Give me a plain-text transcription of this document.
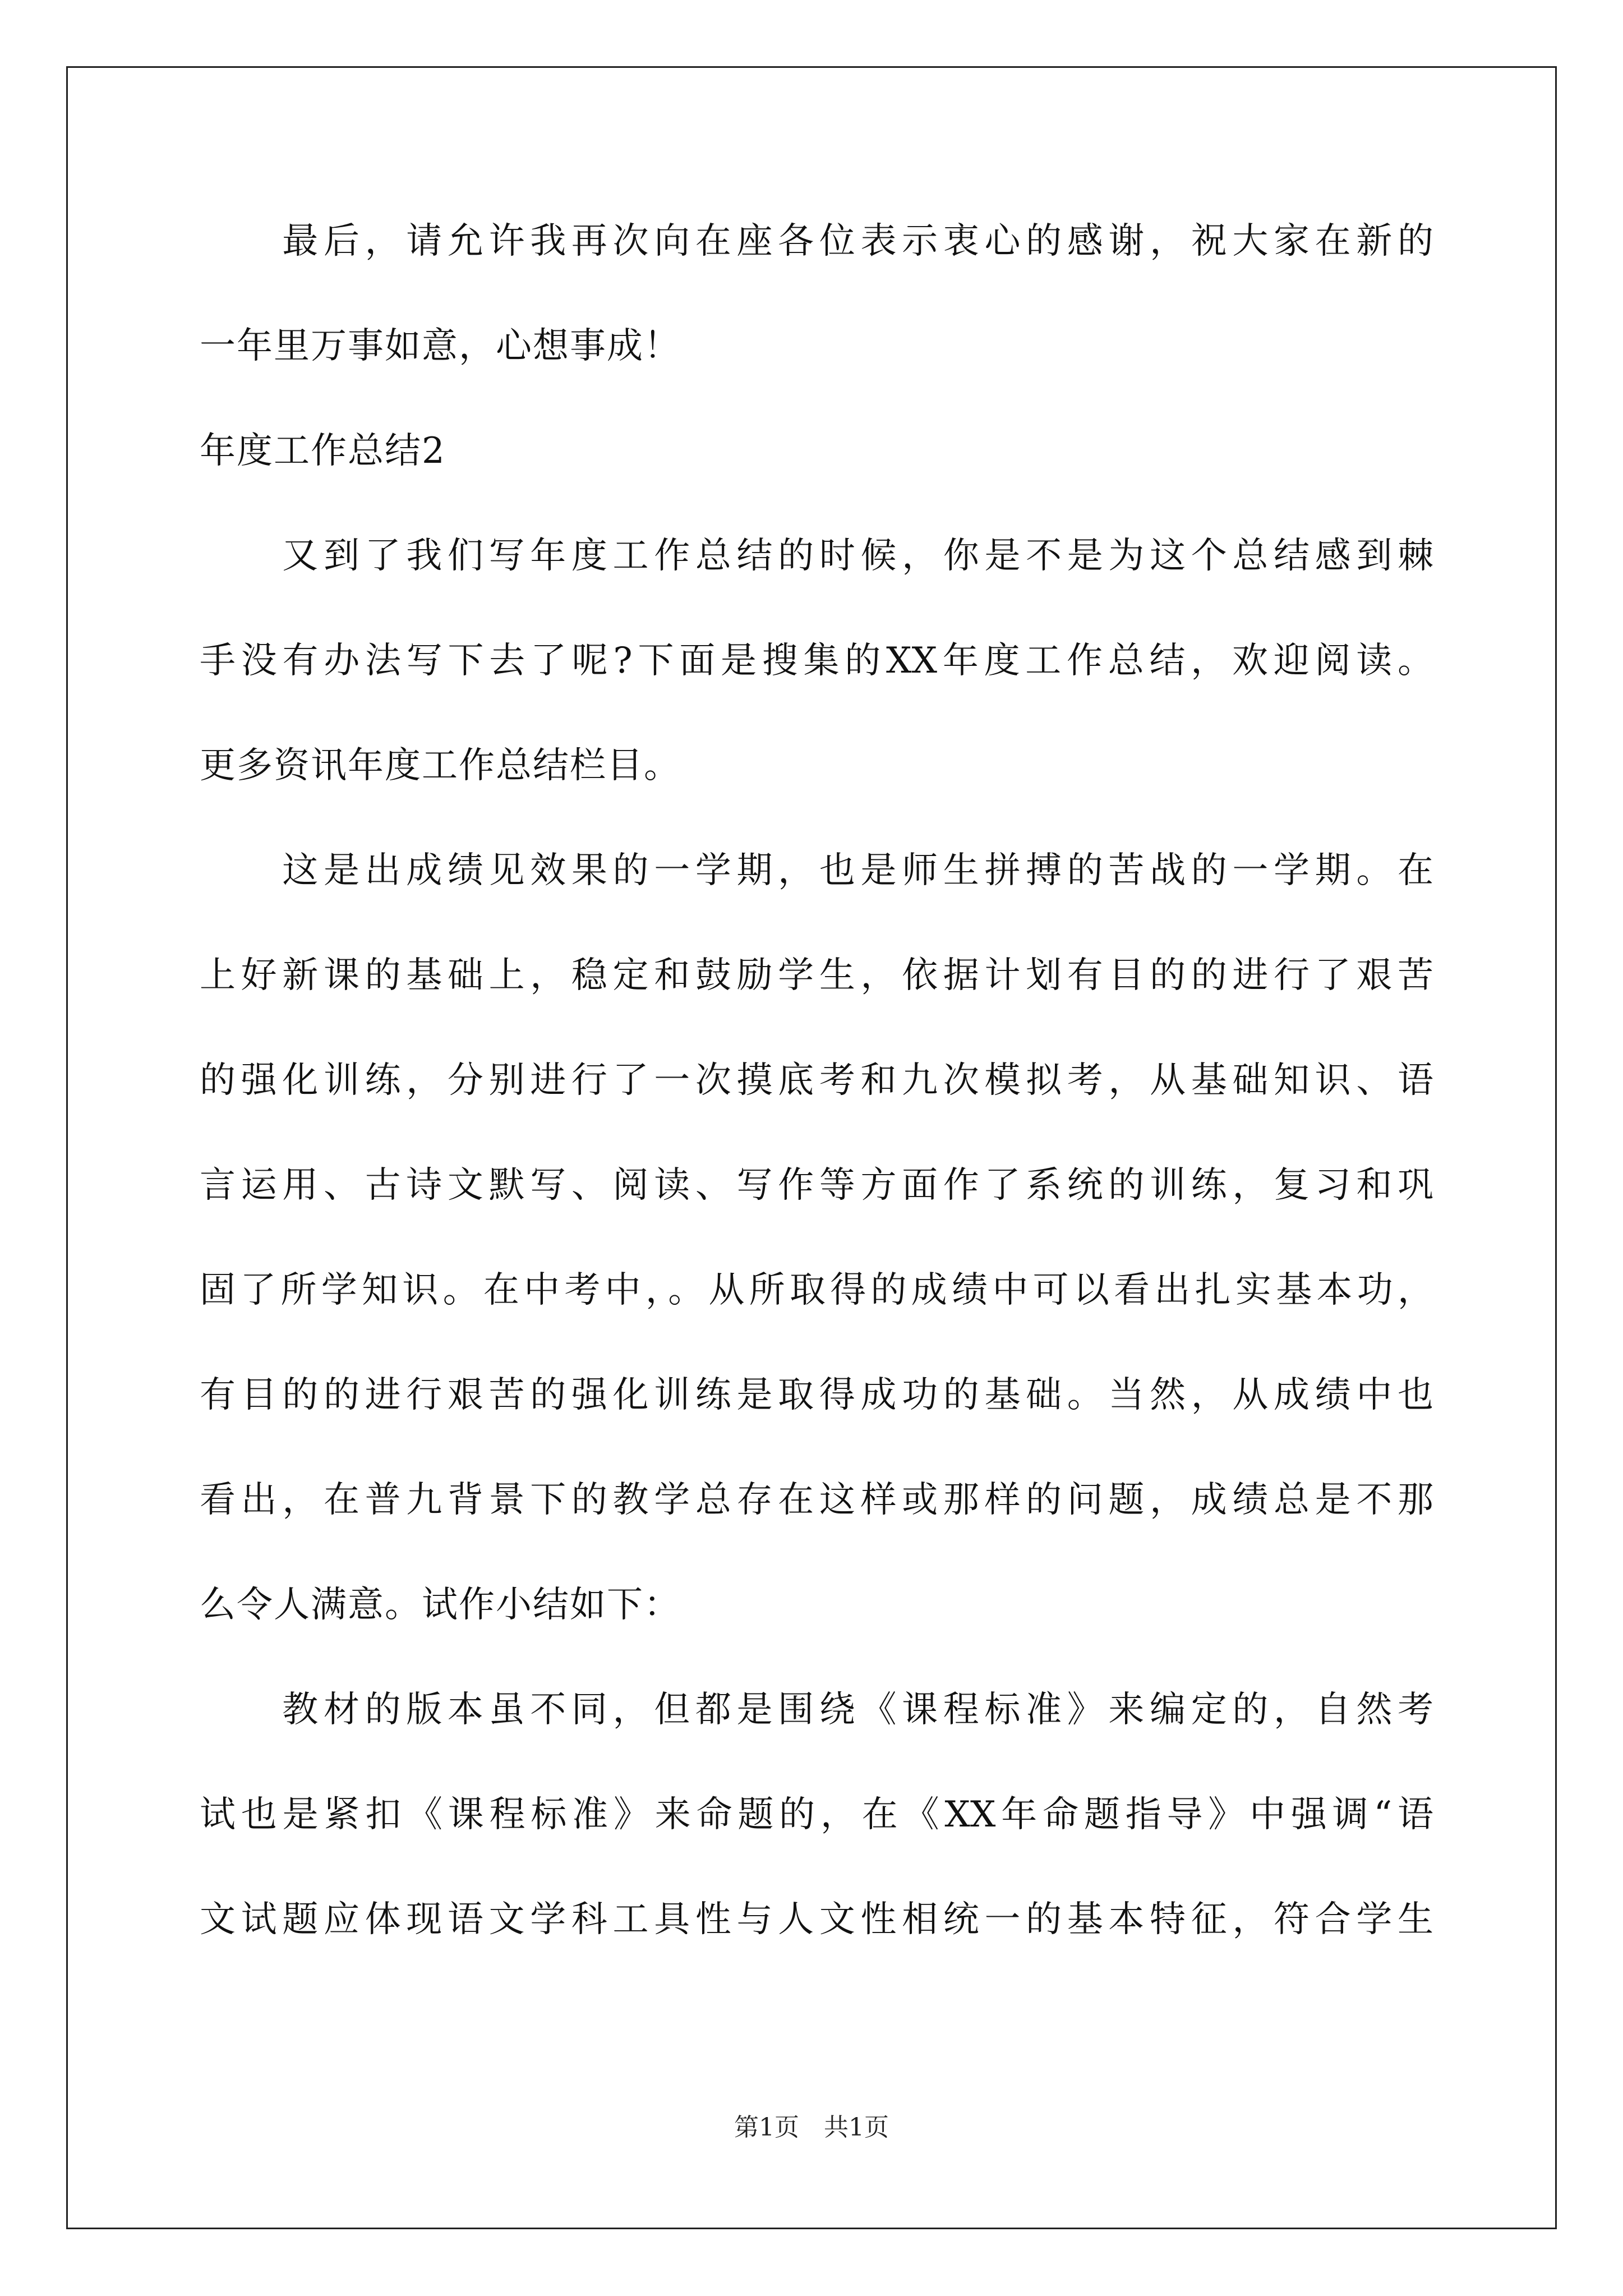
　　最后，请允许我再次向在座各位表示衷心的感谢，祝大家在新的
一年里万事如意，心想事成！
年度工作总结2
　　又到了我们写年度工作总结的时候，你是不是为这个总结感到棘
手没有办法写下去了呢?下面是搜集的XX年度工作总结，欢迎阅读。
更多资讯年度工作总结栏目。
　　这是出成绩见效果的一学期，也是师生拼搏的苦战的一学期。在
上好新课的基础上，稳定和鼓励学生，依据计划有目的的进行了艰苦
的强化训练，分别进行了一次摸底考和九次模拟考，从基础知识、语
言运用、古诗文默写、阅读、写作等方面作了系统的训练，复习和巩
固了所学知识。在中考中，。从所取得的成绩中可以看出扎实基本功，
有目的的进行艰苦的强化训练是取得成功的基础。当然，从成绩中也
看出，在普九背景下的教学总存在这样或那样的问题，成绩总是不那
么令人满意。试作小结如下：
　　教材的版本虽不同，但都是围绕《课程标准》来编定的，自然考
试也是紧扣《课程标准》来命题的，在《XX年命题指导》中强调“语
文试题应体现语文学科工具性与人文性相统一的基本特征，符合学生
第1页　共1页
